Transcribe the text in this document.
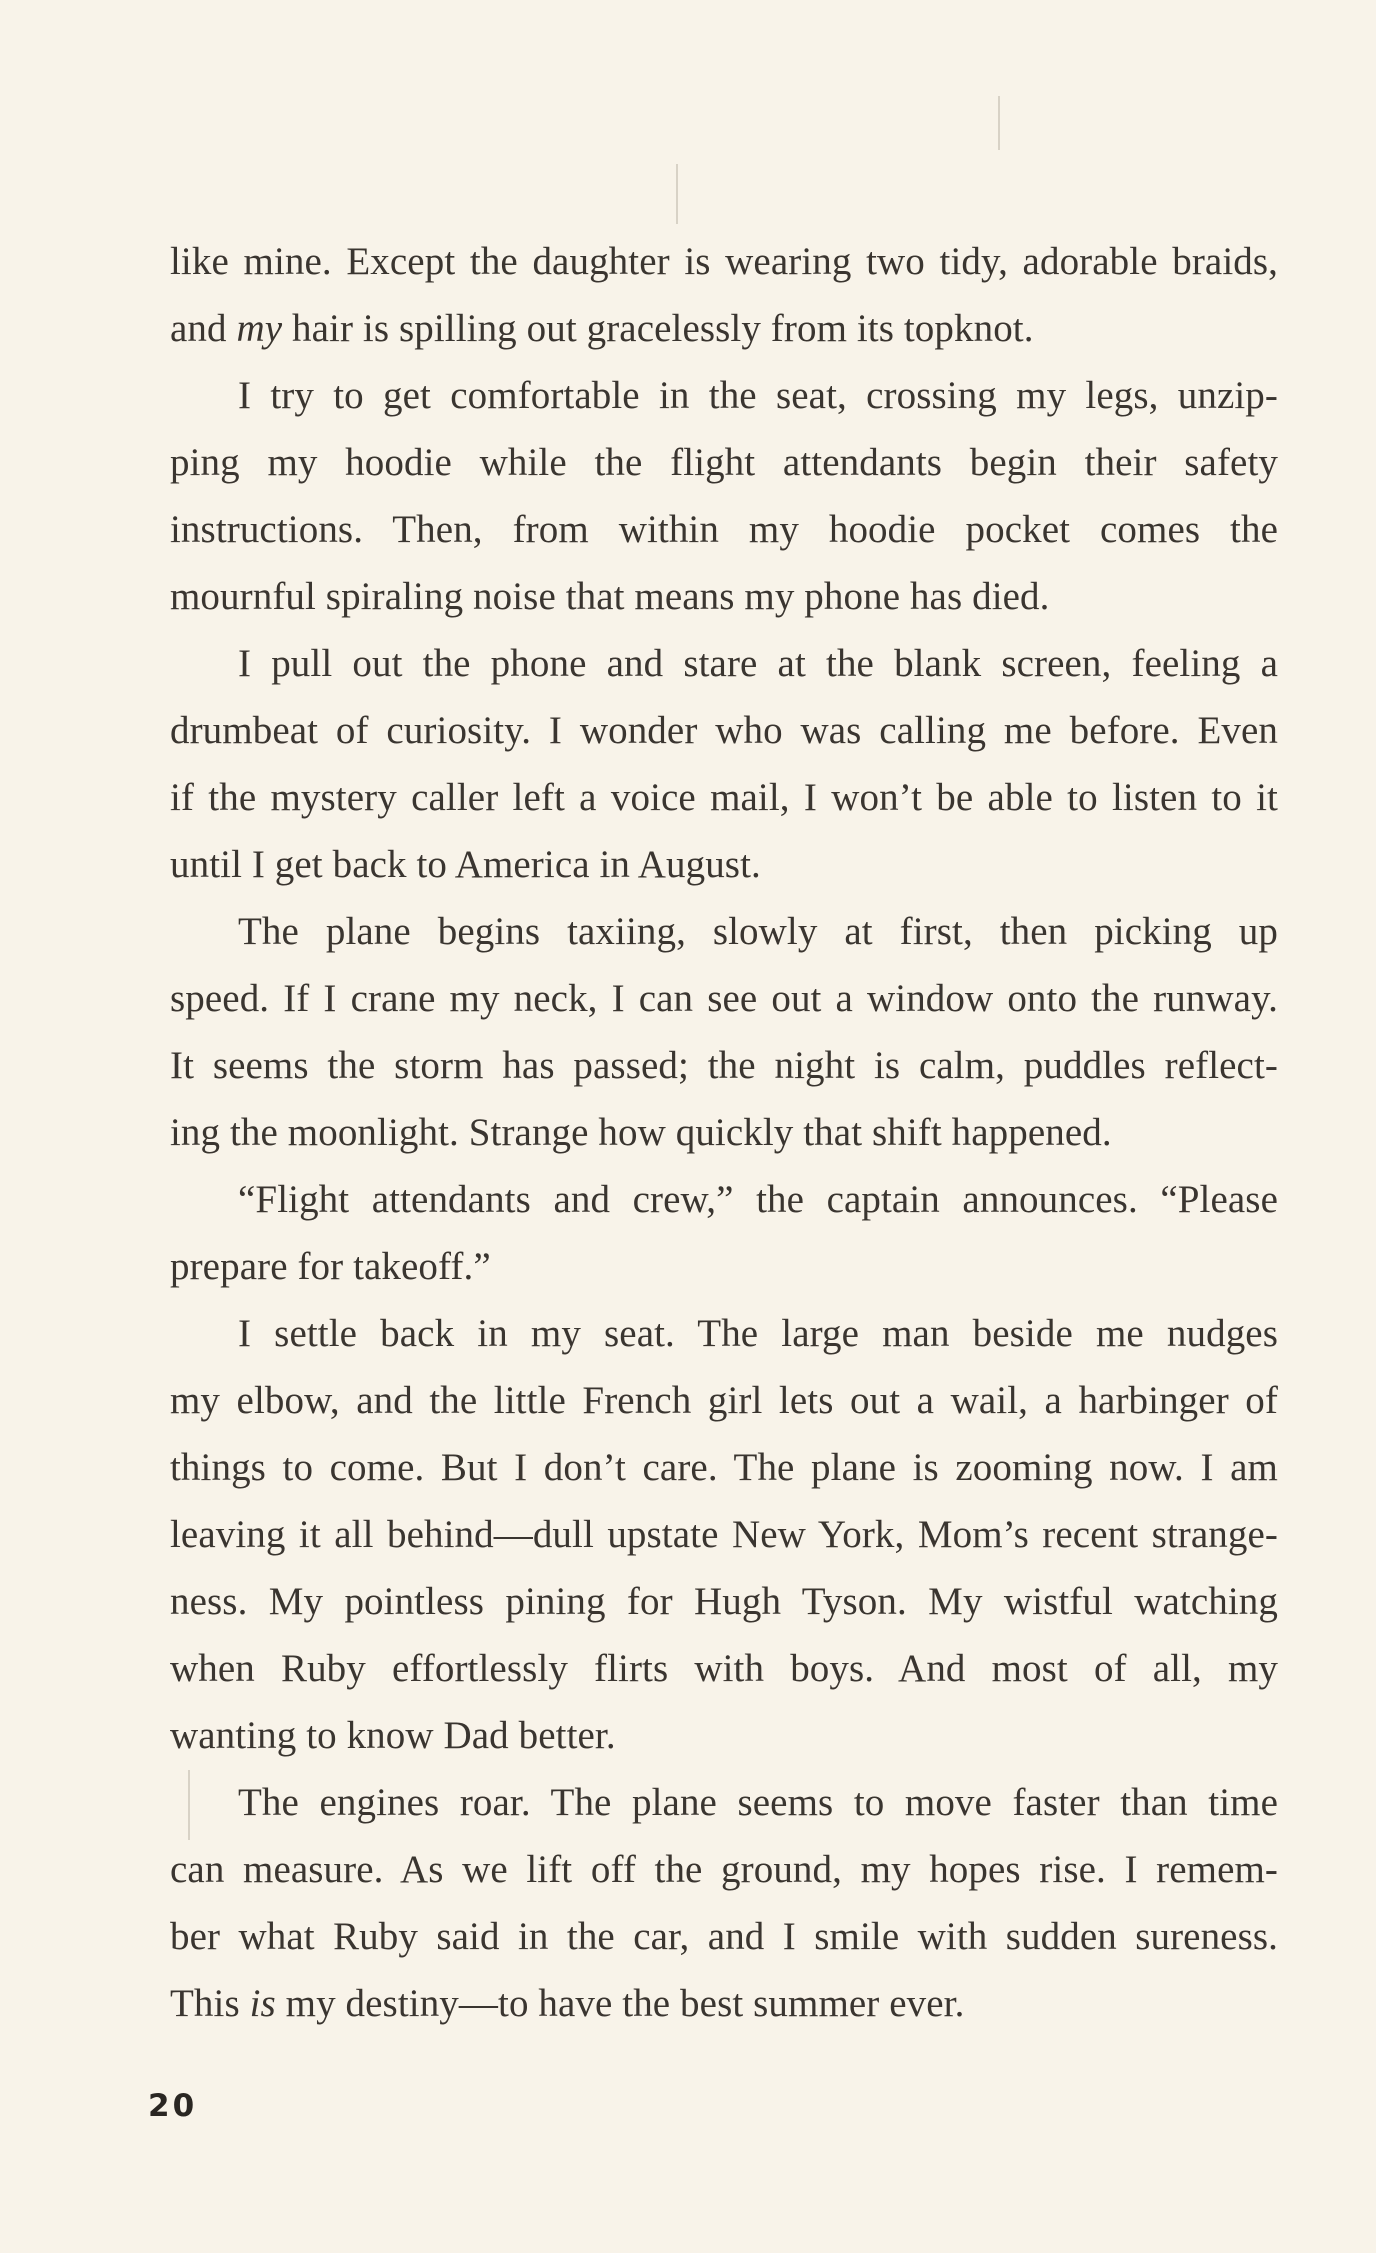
like mine. Except the daughter is wearing two tidy, adorable braids,
and my hair is spilling out gracelessly from its topknot.
I try to get comfortable in the seat, crossing my legs, unzip-
ping my hoodie while the flight attendants begin their safety
instructions. Then, from within my hoodie pocket comes the
mournful spiraling noise that means my phone has died.
I pull out the phone and stare at the blank screen, feeling a
drumbeat of curiosity. I wonder who was calling me before. Even
if the mystery caller left a voice mail, I won’t be able to listen to it
until I get back to America in August.
The plane begins taxiing, slowly at first, then picking up
speed. If I crane my neck, I can see out a window onto the runway.
It seems the storm has passed; the night is calm, puddles reflect-
ing the moonlight. Strange how quickly that shift happened.
“Flight attendants and crew,” the captain announces. “Please
prepare for takeoff.”
I settle back in my seat. The large man beside me nudges
my elbow, and the little French girl lets out a wail, a harbinger of
things to come. But I don’t care. The plane is zooming now. I am
leaving it all behind—dull upstate New York, Mom’s recent strange-
ness. My pointless pining for Hugh Tyson. My wistful watching
when Ruby effortlessly flirts with boys. And most of all, my
wanting to know Dad better.
The engines roar. The plane seems to move faster than time
can measure. As we lift off the ground, my hopes rise. I remem-
ber what Ruby said in the car, and I smile with sudden sureness.
This is my destiny—to have the best summer ever.
20
